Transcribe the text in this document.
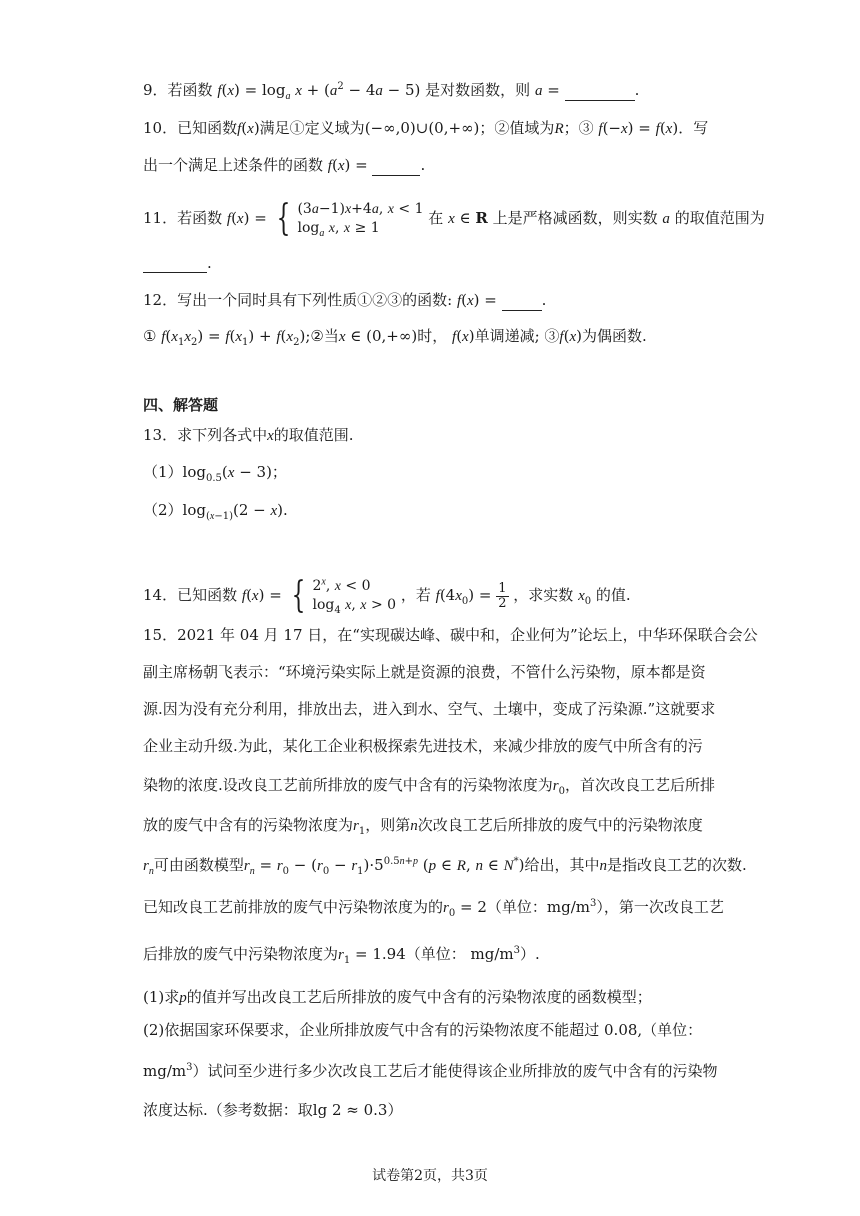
9．若函数 $f(x) = \log_a x + (a^2 - 4a - 5)$ 是对数函数，则 a =	.
10．已知函数f(x)满足①定义域为(−∞,0)∪(0,+∞)；②值域为R；③ f(−x) = f(x)．写
出一个满足上述条件的函数 f(x) =	.
11．若函数 f(x) = { (3a−1)x+4a, x < 1
$\log_a x$, x ≥ 1
在 x ∈ R 上是严格减函数，则实数 a 的取值范围为
.
12．写出一个同时具有下列性质①②③的函数: f(x) =	.
① $f(x_1x_2) = f(x_1)$ + $f(x_2);②$当x ∈ (0,+∞)时， f(x)单调递减; ③f(x)为偶函数.
四、解答题
13．求下列各式中x的取值范围.
$(1)\log_{0.5}(x - 3)$；
$(2)\log_{(x-1)}(2 - x)$.
14．已知函数 f(x) = { 2$^x$, x < 0
$\log_4 x$, x > 0
，若 $f(4x_0) = \frac{1}{2}$ ，求实数 $x_0$ 的值.
15．2021 年 04 月 17 日，在“实现碳达峰、碳中和，企业何为”论坛上，中华环保联合会公
副主席杨朝飞表示：“环境污染实际上就是资源的浪费，不管什么污染物，原本都是资
源.因为没有充分利用，排放出去，进入到水、空气、土壤中，变成了污染源.”这就要求
企业主动升级.为此，某化工企业积极探索先进技术，来减少排放的废气中所含有的污
染物的浓度.设改良工艺前所排放的废气中含有的污染物浓度为$r_0$，首次改良工艺后所排
放的废气中含有的污染物浓度为$r_1$，则第n次改良工艺后所排放的废气中的污染物浓度
$r_n$可由函数模型$r_n = r_0 - (r_0 - r_1)\cdot 5^{0.5n+p}$ (p ∈ R, n ∈ N*)给出，其中n是指改良工艺的次数.
已知改良工艺前排放的废气中污染物浓度为的$r_0 = 2$（单位：$mg/m^3$），第一次改良工艺
后排放的废气中污染物浓度为$r_1 = 1.94$（单位： $mg/m^3$）.
(1)求p的值并写出改良工艺后所排放的废气中含有的污染物浓度的函数模型；
(2)依据国家环保要求，企业所排放废气中含有的污染物浓度不能超过 0.08,（单位：
$mg/m^3$）试问至少进行多少次改良工艺后才能使得该企业所排放的废气中含有的污染物
浓度达标.（参考数据：取lg 2 ≈ 0.3）
试卷第2页，共3页
